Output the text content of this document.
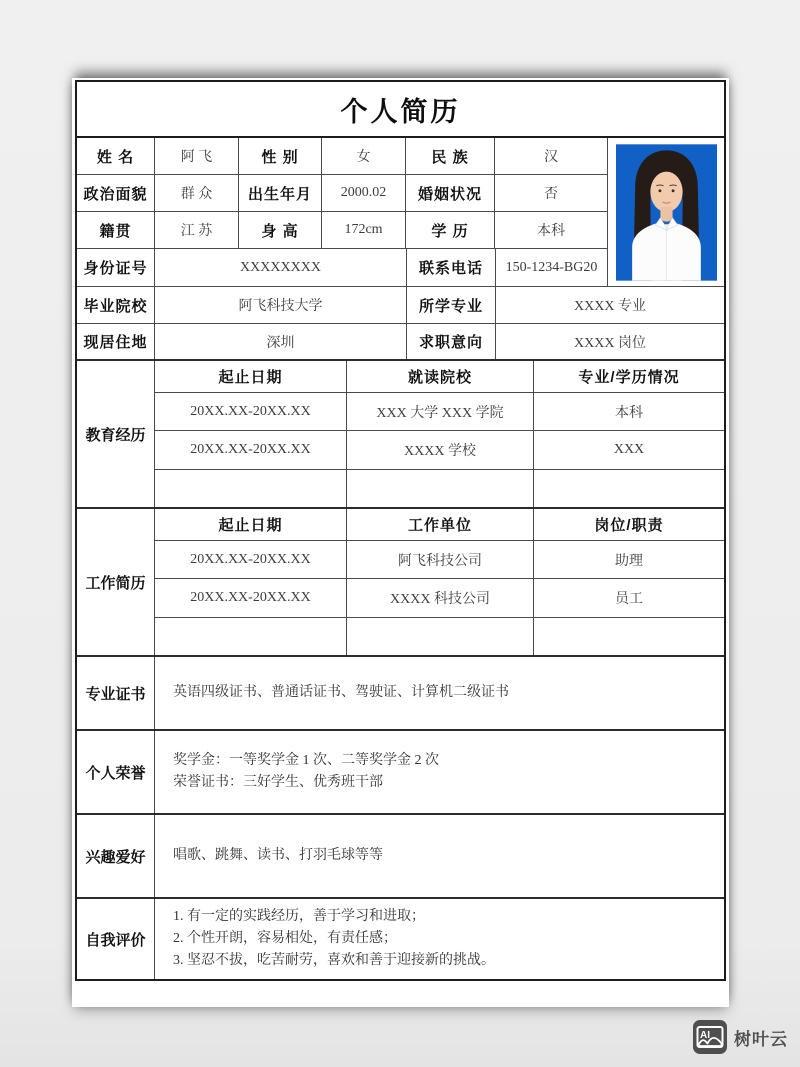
个人简历
姓 名	阿 飞	性 别	女	民 族	汉
政治面貌	群 众	出生年月	2000.02	婚姻状况	否
籍贯	江 苏	身 高	172cm	学 历	本科
身份证号	XXXXXXXX	联系电话	150-1234-BG20
毕业院校	阿飞科技大学	所学专业	XXXX 专业
现居住地	深圳	求职意向	XXXX 岗位
教育经历
起止日期	就读院校	专业/学历情况
20XX.XX-20XX.XX	XXX 大学 XXX 学院	本科
20XX.XX-20XX.XX	XXXX 学校	XXX
工作简历
起止日期	工作单位	岗位/职责
20XX.XX-20XX.XX	阿飞科技公司	助理
20XX.XX-20XX.XX	XXXX 科技公司	员工
专业证书	英语四级证书、普通话证书、驾驶证、计算机二级证书
个人荣誉
奖学金：一等奖学金 1 次、二等奖学金 2 次
荣誉证书：三好学生、优秀班干部
兴趣爱好	唱歌、跳舞、读书、打羽毛球等等
自我评价
1. 有一定的实践经历，善于学习和进取；
2. 个性开朗，容易相处，有责任感；
3. 坚忍不拔，吃苦耐劳，喜欢和善于迎接新的挑战。
AI 树叶云
